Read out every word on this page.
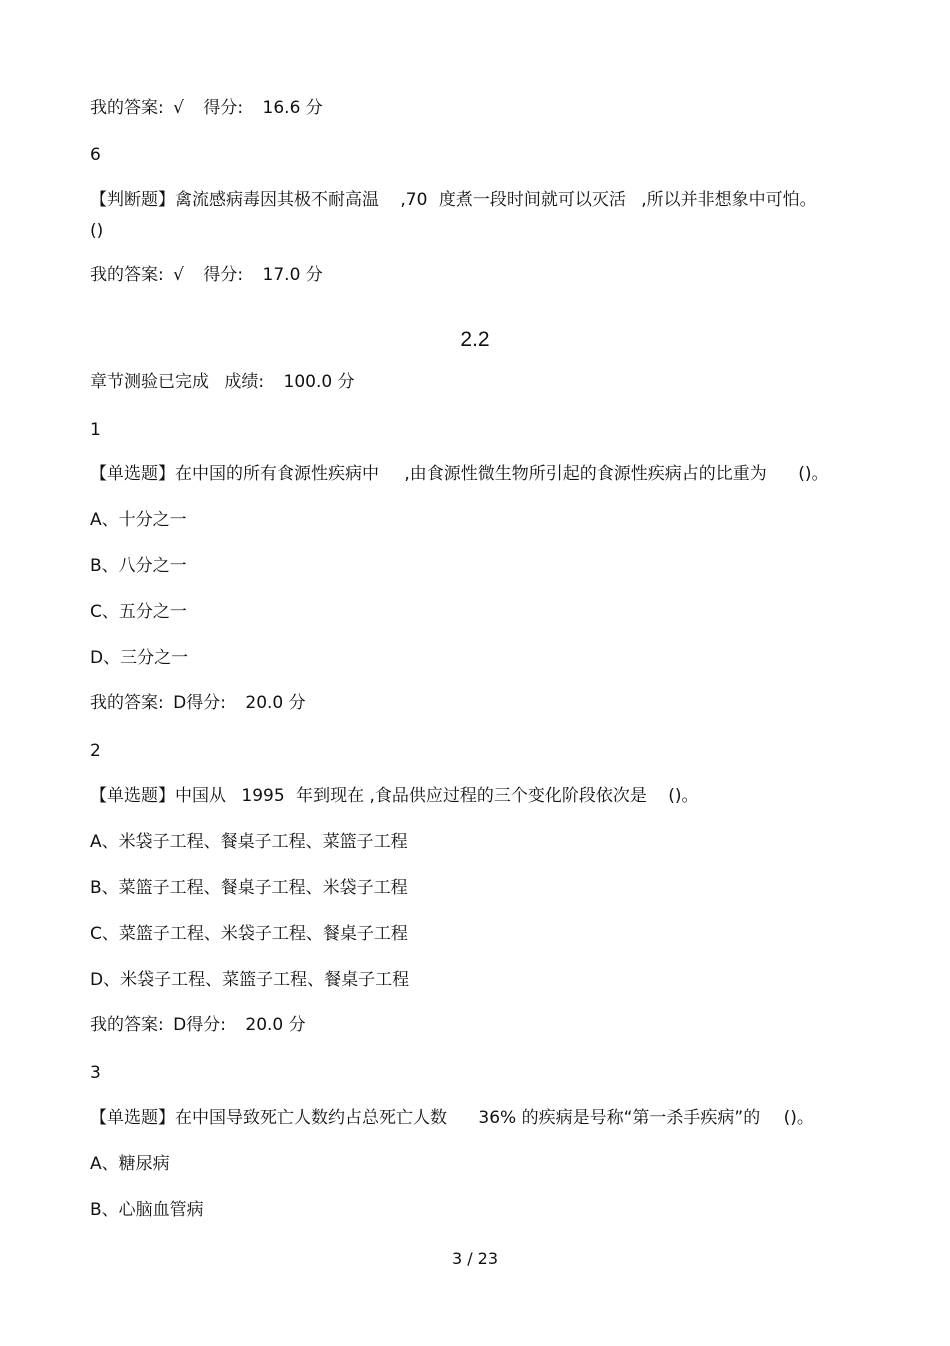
我的答案: √ 得分: 16.6 分
6
【判断题】禽流感病毒因其极不耐高温 ,70 度煮一段时间就可以灭活 ,所以并非想象中可怕。
()
我的答案: √ 得分: 17.0 分
2.2
章节测验已完成 成绩: 100.0 分
1
【单选题】在中国的所有食源性疾病中 ,由食源性微生物所引起的食源性疾病占的比重为 ()。
A、十分之一
B、八分之一
C、五分之一
D、三分之一
我的答案: D得分: 20.0 分
2
【单选题】中国从 1995 年到现在 ,食品供应过程的三个变化阶段依次是 ()。
A、米袋子工程、餐桌子工程、菜篮子工程
B、菜篮子工程、餐桌子工程、米袋子工程
C、菜篮子工程、米袋子工程、餐桌子工程
D、米袋子工程、菜篮子工程、餐桌子工程
我的答案: D得分: 20.0 分
3
【单选题】在中国导致死亡人数约占总死亡人数 36% 的疾病是号称“第一杀手疾病”的 ()。
A、糖尿病
B、心脑血管病
3 / 23
